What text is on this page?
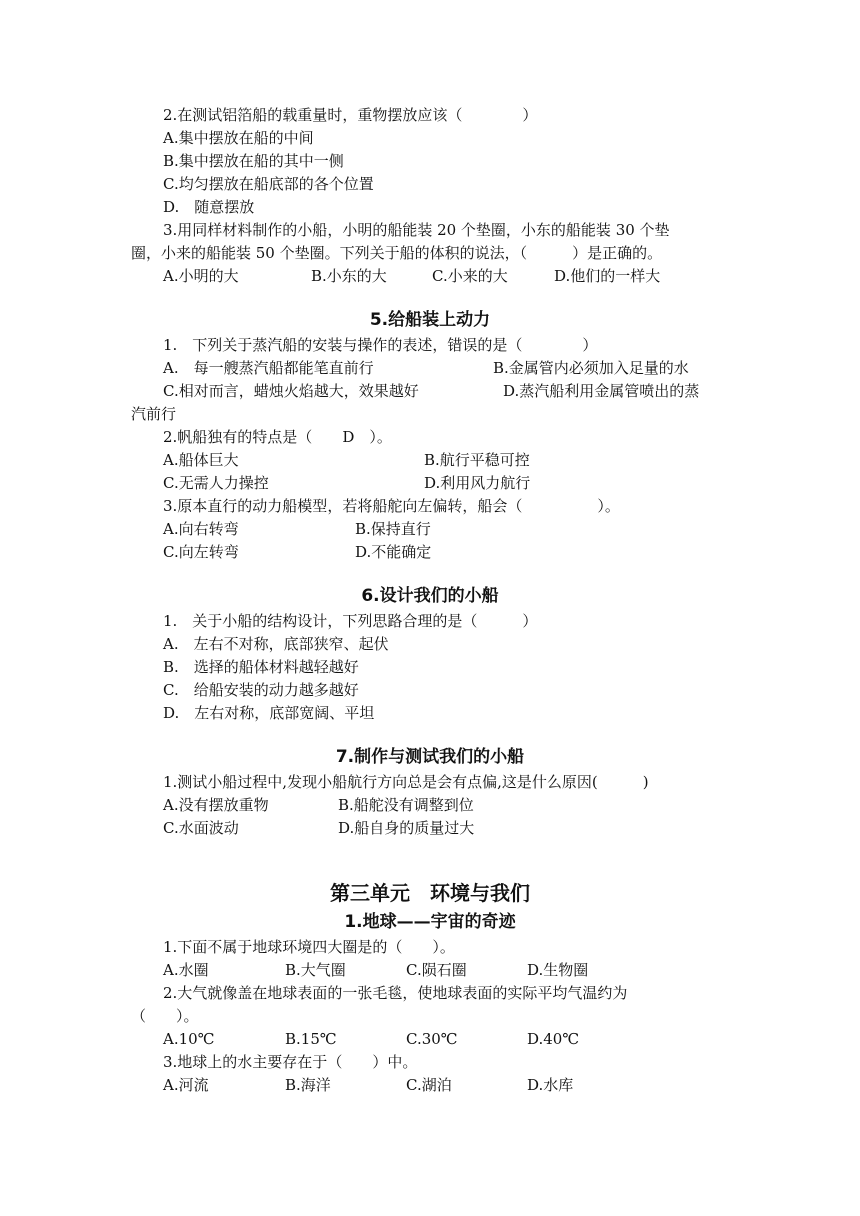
2.在测试铝箔船的载重量时，重物摆放应该（　　　　）
A.集中摆放在船的中间
B.集中摆放在船的其中一侧
C.均匀摆放在船底部的各个位置
D.　随意摆放
3.用同样材料制作的小船，小明的船能装 20 个垫圈，小东的船能装 30 个垫
圈，小来的船能装 50 个垫圈。下列关于船的体积的说法，（　　　）是正确的。
A.小明的大	B.小东的大	C.小来的大	D.他们的一样大
5.给船装上动力
1.　下列关于蒸汽船的安装与操作的表述，错误的是（　　　　）
A.　每一艘蒸汽船都能笔直前行	B.金属管内必须加入足量的水
C.相对而言，蜡烛火焰越大，效果越好	D.蒸汽船利用金属管喷出的蒸
汽前行
2.帆船独有的特点是（　　D　）。
A.船体巨大	B.航行平稳可控
C.无需人力操控	D.利用风力航行
3.原本直行的动力船模型，若将船舵向左偏转，船会（　　　　　）。
A.向右转弯	B.保持直行
C.向左转弯	D.不能确定
6.设计我们的小船
1.　关于小船的结构设计，下列思路合理的是（　　　）
A.　左右不对称，底部狭窄、起伏
B.　选择的船体材料越轻越好
C.　给船安装的动力越多越好
D.　左右对称，底部宽阔、平坦
7.制作与测试我们的小船
1.测试小船过程中,发现小船航行方向总是会有点偏,这是什么原因(　　　)
A.没有摆放重物	B.船舵没有调整到位
C.水面波动	D.船自身的质量过大
第三单元　环境与我们
1.地球——宇宙的奇迹
1.下面不属于地球环境四大圈是的（　　）。
A.水圈	B.大气圈	C.陨石圈	D.生物圈
2.大气就像盖在地球表面的一张毛毯，使地球表面的实际平均气温约为
（　　）。
A.10℃	B.15℃	C.30℃	D.40℃
3.地球上的水主要存在于（　　）中。
A.河流	B.海洋	C.湖泊	D.水库
